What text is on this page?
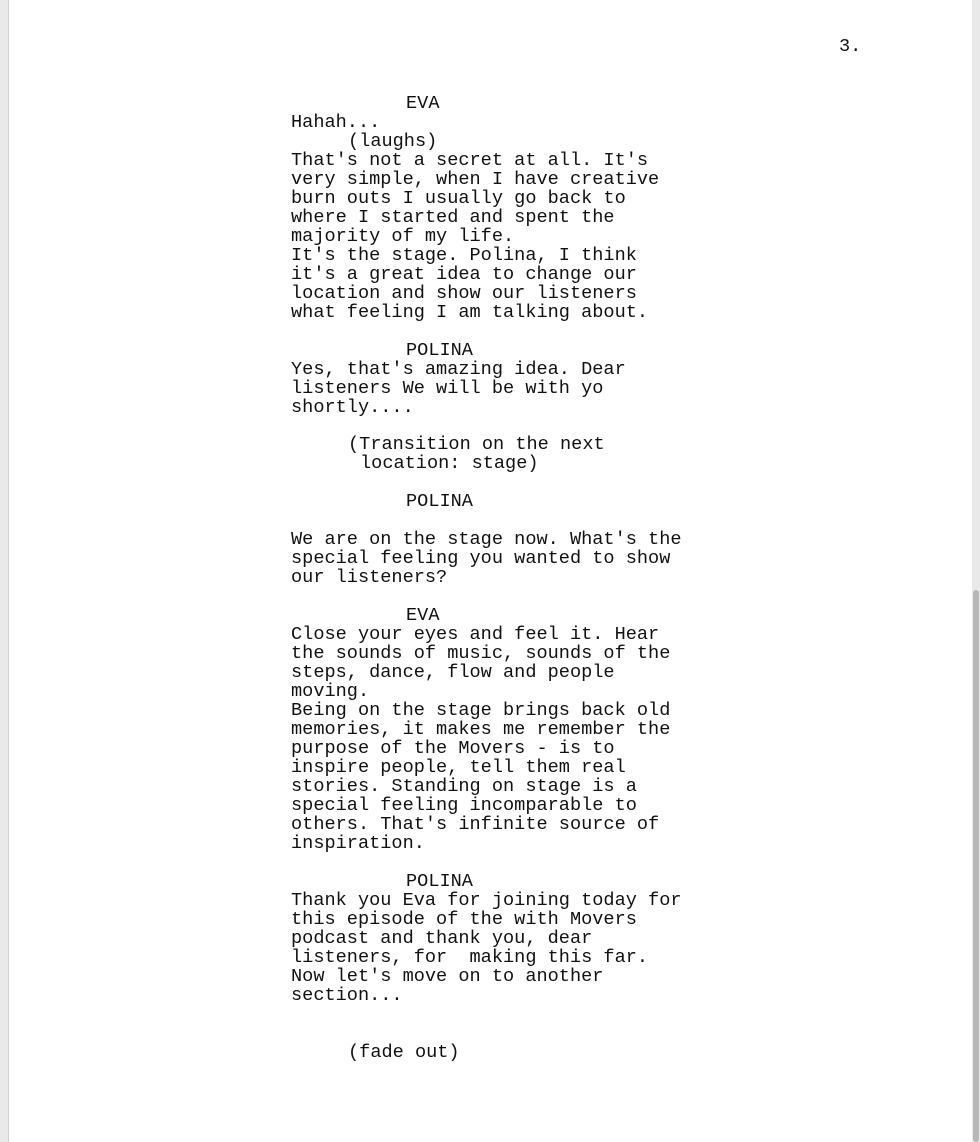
3.
EVA
Hahah...
(laughs)
That's not a secret at all. It's
very simple, when I have creative
burn outs I usually go back to
where I started and spent the
majority of my life.
It's the stage. Polina, I think
it's a great idea to change our
location and show our listeners
what feeling I am talking about.
POLINA
Yes, that's amazing idea. Dear
listeners We will be with yo
shortly....
(Transition on the next
location: stage)
POLINA
We are on the stage now. What's the
special feeling you wanted to show
our listeners?
EVA
Close your eyes and feel it. Hear
the sounds of music, sounds of the
steps, dance, flow and people
moving.
Being on the stage brings back old
memories, it makes me remember the
purpose of the Movers - is to
inspire people, tell them real
stories. Standing on stage is a
special feeling incomparable to
others. That's infinite source of
inspiration.
POLINA
Thank you Eva for joining today for
this episode of the with Movers
podcast and thank you, dear
listeners, for  making this far.
Now let's move on to another
section...
(fade out)
